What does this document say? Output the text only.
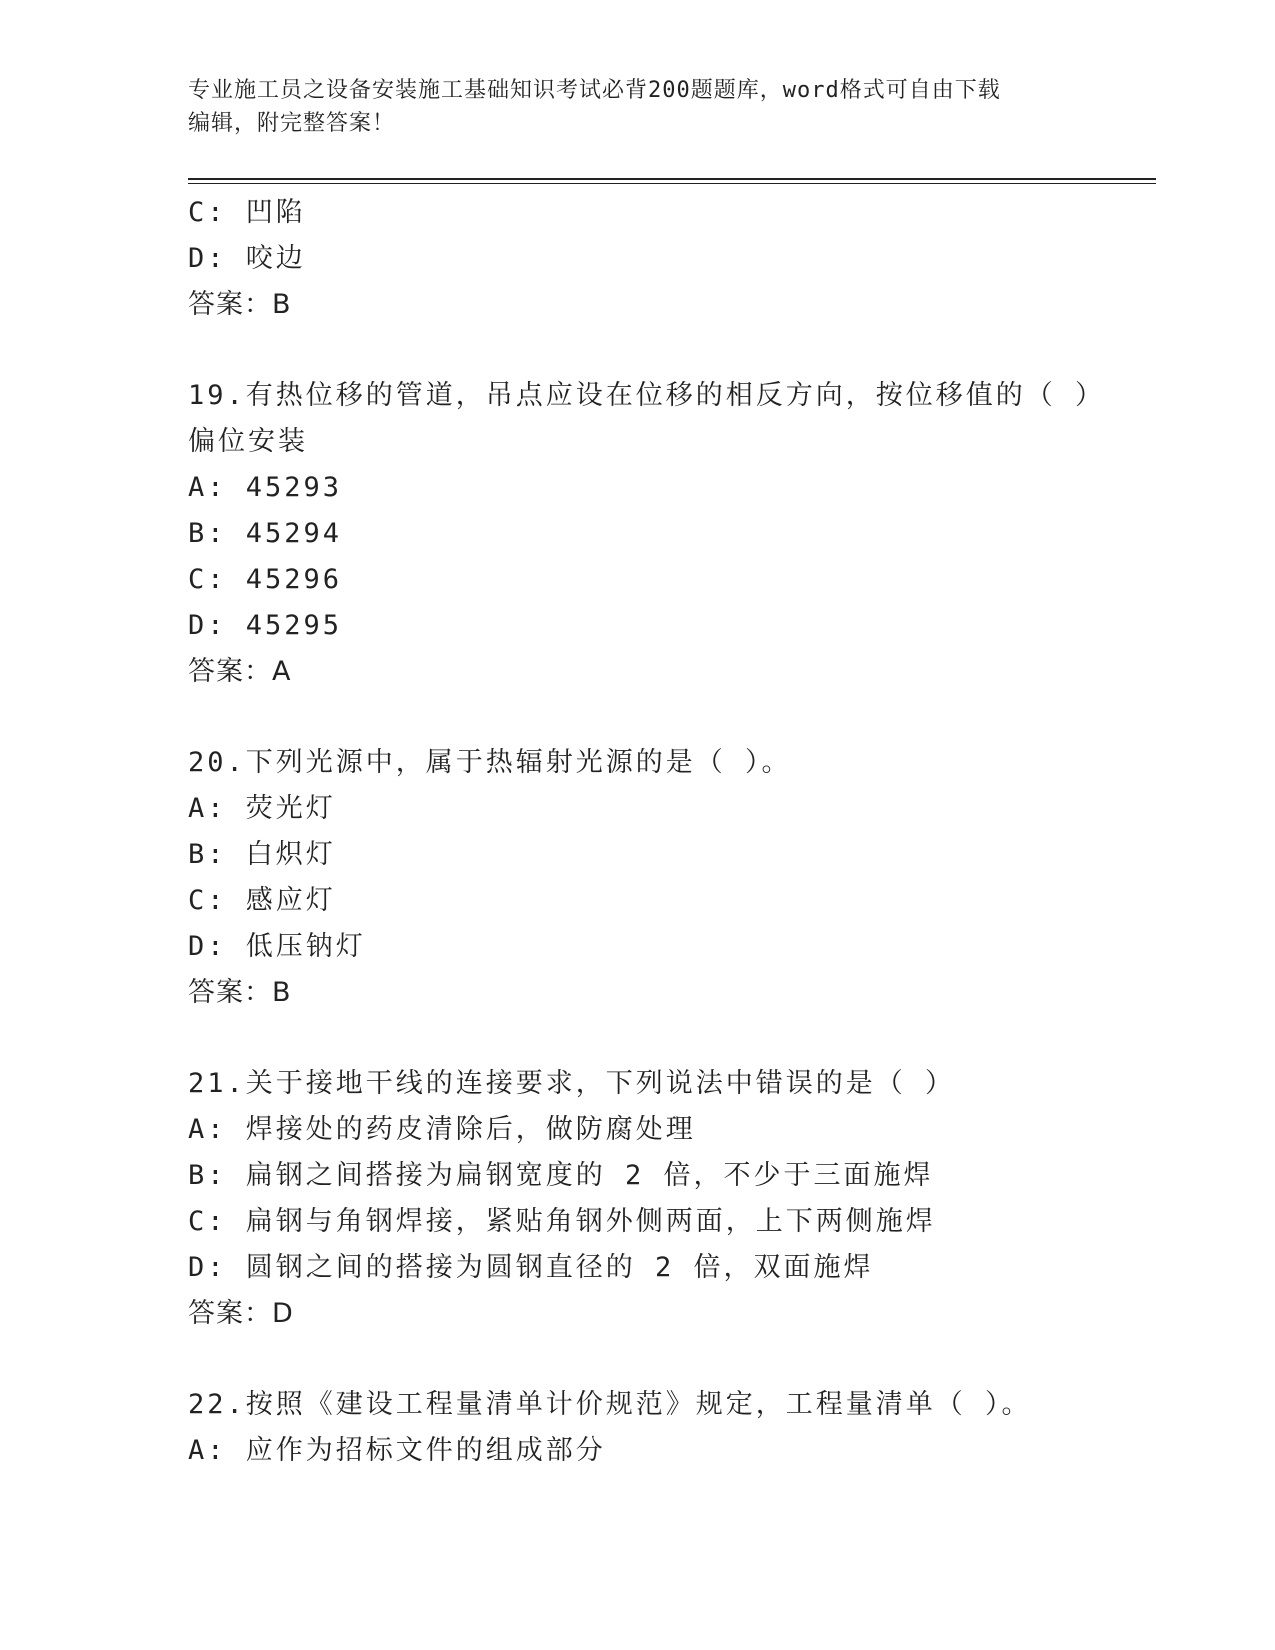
专业施工员之设备安装施工基础知识考试必背200题题库，word格式可自由下载
编辑，附完整答案！
C: 凹陷
D: 咬边
答案：B
19.有热位移的管道，吊点应设在位移的相反方向，按位移值的（ ）
偏位安装
A: 45293
B: 45294
C: 45296
D: 45295
答案：A
20.下列光源中，属于热辐射光源的是（ ）。
A: 荧光灯
B: 白炽灯
C: 感应灯
D: 低压钠灯
答案：B
21.关于接地干线的连接要求，下列说法中错误的是（ ）
A: 焊接处的药皮清除后，做防腐处理
B: 扁钢之间搭接为扁钢宽度的 2 倍，不少于三面施焊
C: 扁钢与角钢焊接，紧贴角钢外侧两面，上下两侧施焊
D: 圆钢之间的搭接为圆钢直径的 2 倍，双面施焊
答案：D
22.按照《建设工程量清单计价规范》规定，工程量清单（ ）。
A: 应作为招标文件的组成部分
